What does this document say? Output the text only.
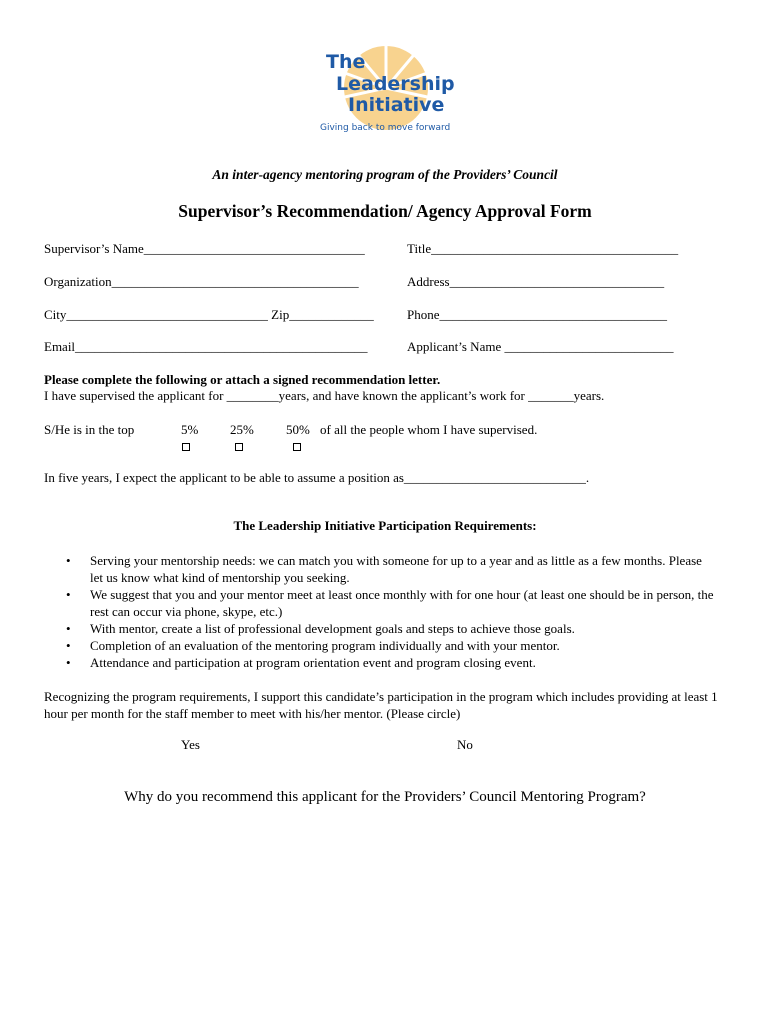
The
Leadership
Initiative
Giving back to move forward
An inter-agency mentoring program of the Providers’ Council
Supervisor’s Recommendation/ Agency Approval Form
Supervisor’s Name__________________________________	Title______________________________________
Organization______________________________________	Address_________________________________
City_______________________________ Zip_____________	Phone___________________________________
Email_____________________________________________	Applicant’s Name __________________________
Please complete the following or attach a signed recommendation letter.
I have supervised the applicant for ________years, and have known the applicant’s work for _______years.
S/He is in the top	5% 25% 50% of all the people whom I have supervised.
In five years, I expect the applicant to be able to assume a position as____________________________.
The Leadership Initiative Participation Requirements:
• Serving your mentorship needs: we can match you with someone for up to a year and as little as a few months. Please let us know what kind of mentorship you seeking.
• We suggest that you and your mentor meet at least once monthly with for one hour (at least one should be in person, the rest can occur via phone, skype, etc.)
• With mentor, create a list of professional development goals and steps to achieve those goals.
• Completion of an evaluation of the mentoring program individually and with your mentor.
• Attendance and participation at program orientation event and program closing event.
Recognizing the program requirements, I support this candidate’s participation in the program which includes providing at least 1 hour per month for the staff member to meet with his/her mentor. (Please circle)
Yes	No
Why do you recommend this applicant for the Providers’ Council Mentoring Program?
